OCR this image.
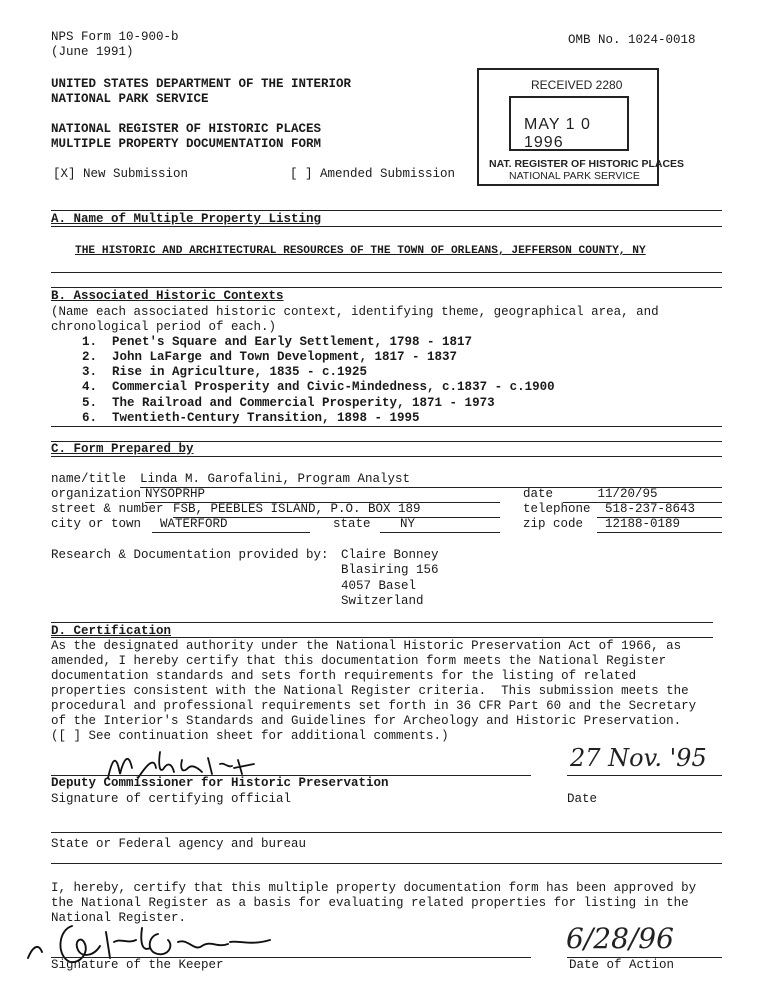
NPS Form 10-900-b
(June 1991)
OMB No. 1024-0018
UNITED STATES DEPARTMENT OF THE INTERIOR
NATIONAL PARK SERVICE
NATIONAL REGISTER OF HISTORIC PLACES
MULTIPLE PROPERTY DOCUMENTATION FORM
[X] New Submission	[ ] Amended Submission
RECEIVED 2280
MAY 1 0 1996
NAT. REGISTER OF HISTORIC PLACES
NATIONAL PARK SERVICE
A. Name of Multiple Property Listing
THE HISTORIC AND ARCHITECTURAL RESOURCES OF THE TOWN OF ORLEANS, JEFFERSON COUNTY, NY
B. Associated Historic Contexts
(Name each associated historic context, identifying theme, geographical area, and
chronological period of each.)
1.  Penet's Square and Early Settlement, 1798 - 1817
2.  John LaFarge and Town Development, 1817 - 1837
3.  Rise in Agriculture, 1835 - c.1925
4.  Commercial Prosperity and Civic-Mindedness, c.1837 - c.1900
5.  The Railroad and Commercial Prosperity, 1871 - 1973
6.  Twentieth-Century Transition, 1898 - 1995
C. Form Prepared by
name/title Linda M. Garofalini, Program Analyst
organization NYSOPRHP	date	11/20/95
street & number FSB, PEEBLES ISLAND, P.O. BOX 189	telephone	518-237-8643
city or town	WATERFORD	state	NY	zip code	12188-0189
Research & Documentation provided by: Claire Bonney
Blasiring 156
4057 Basel
Switzerland
D. Certification
As the designated authority under the National Historic Preservation Act of 1966, as
amended, I hereby certify that this documentation form meets the National Register
documentation standards and sets forth requirements for the listing of related
properties consistent with the National Register criteria.  This submission meets the
procedural and professional requirements set forth in 36 CFR Part 60 and the Secretary
of the Interior's Standards and Guidelines for Archeology and Historic Preservation.
([ ] See continuation sheet for additional comments.)
27 Nov. '95
Deputy Commissioner for Historic Preservation
Signature of certifying official	Date
State or Federal agency and bureau
I, hereby, certify that this multiple property documentation form has been approved by
the National Register as a basis for evaluating related properties for listing in the
National Register.
6/28/96
Signature of the Keeper	Date of Action
